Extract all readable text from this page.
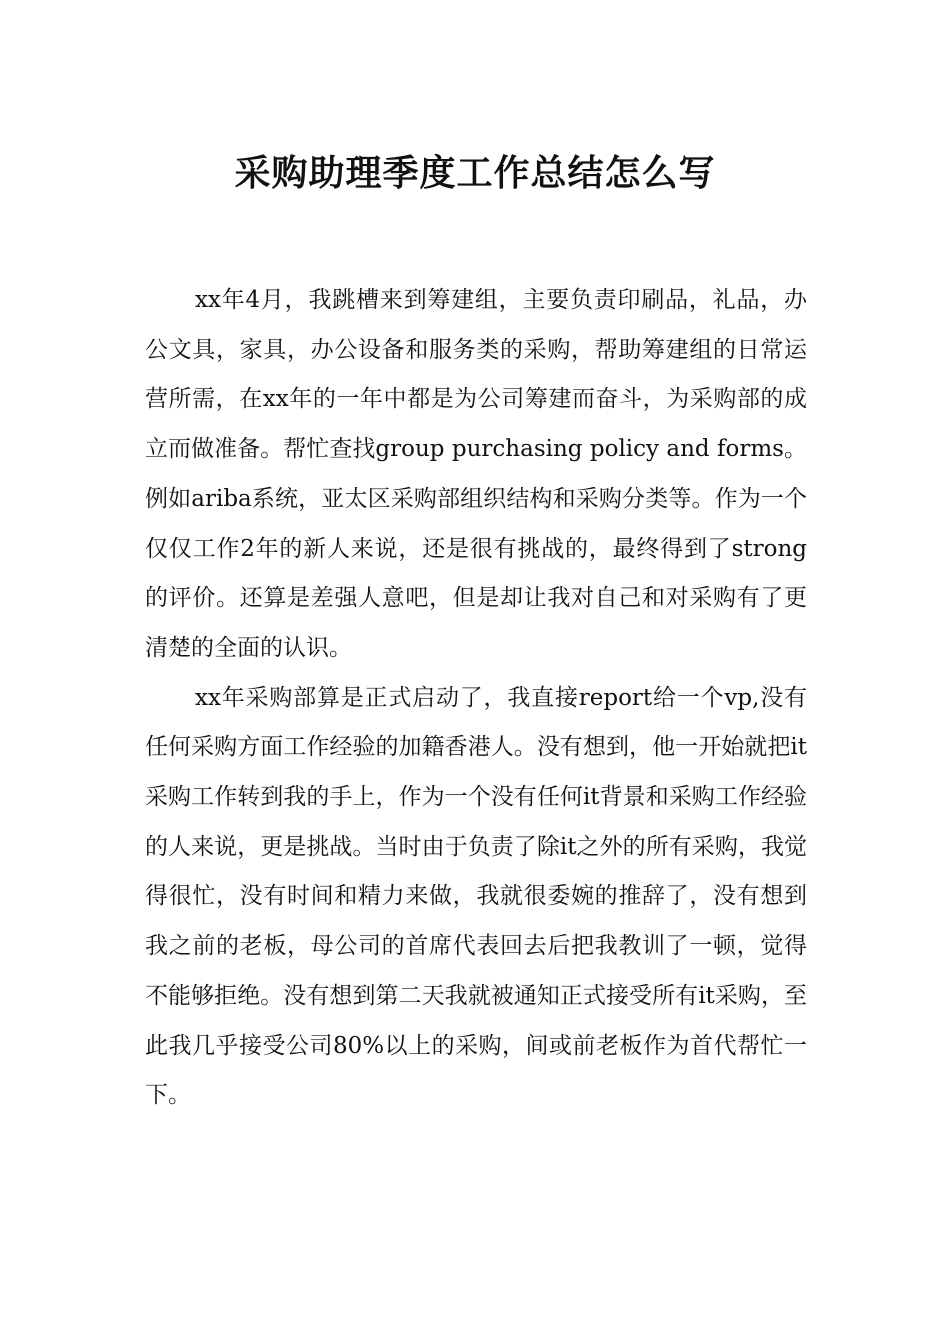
采购助理季度工作总结怎么写

xx年4月，我跳槽来到筹建组，主要负责印刷品，礼品，办公文具，家具，办公设备和服务类的采购，帮助筹建组的日常运营所需，在xx年的一年中都是为公司筹建而奋斗，为采购部的成立而做准备。帮忙查找group purchasing policy and forms。例如ariba系统，亚太区采购部组织结构和采购分类等。作为一个仅仅工作2年的新人来说，还是很有挑战的，最终得到了strong的评价。还算是差强人意吧，但是却让我对自己和对采购有了更清楚的全面的认识。

xx年采购部算是正式启动了，我直接report给一个vp,没有任何采购方面工作经验的加籍香港人。没有想到，他一开始就把it采购工作转到我的手上，作为一个没有任何it背景和采购工作经验的人来说，更是挑战。当时由于负责了除it之外的所有采购，我觉得很忙，没有时间和精力来做，我就很委婉的推辞了，没有想到我之前的老板，母公司的首席代表回去后把我教训了一顿，觉得不能够拒绝。没有想到第二天我就被通知正式接受所有it采购，至此我几乎接受公司80%以上的采购，间或前老板作为首代帮忙一下。
